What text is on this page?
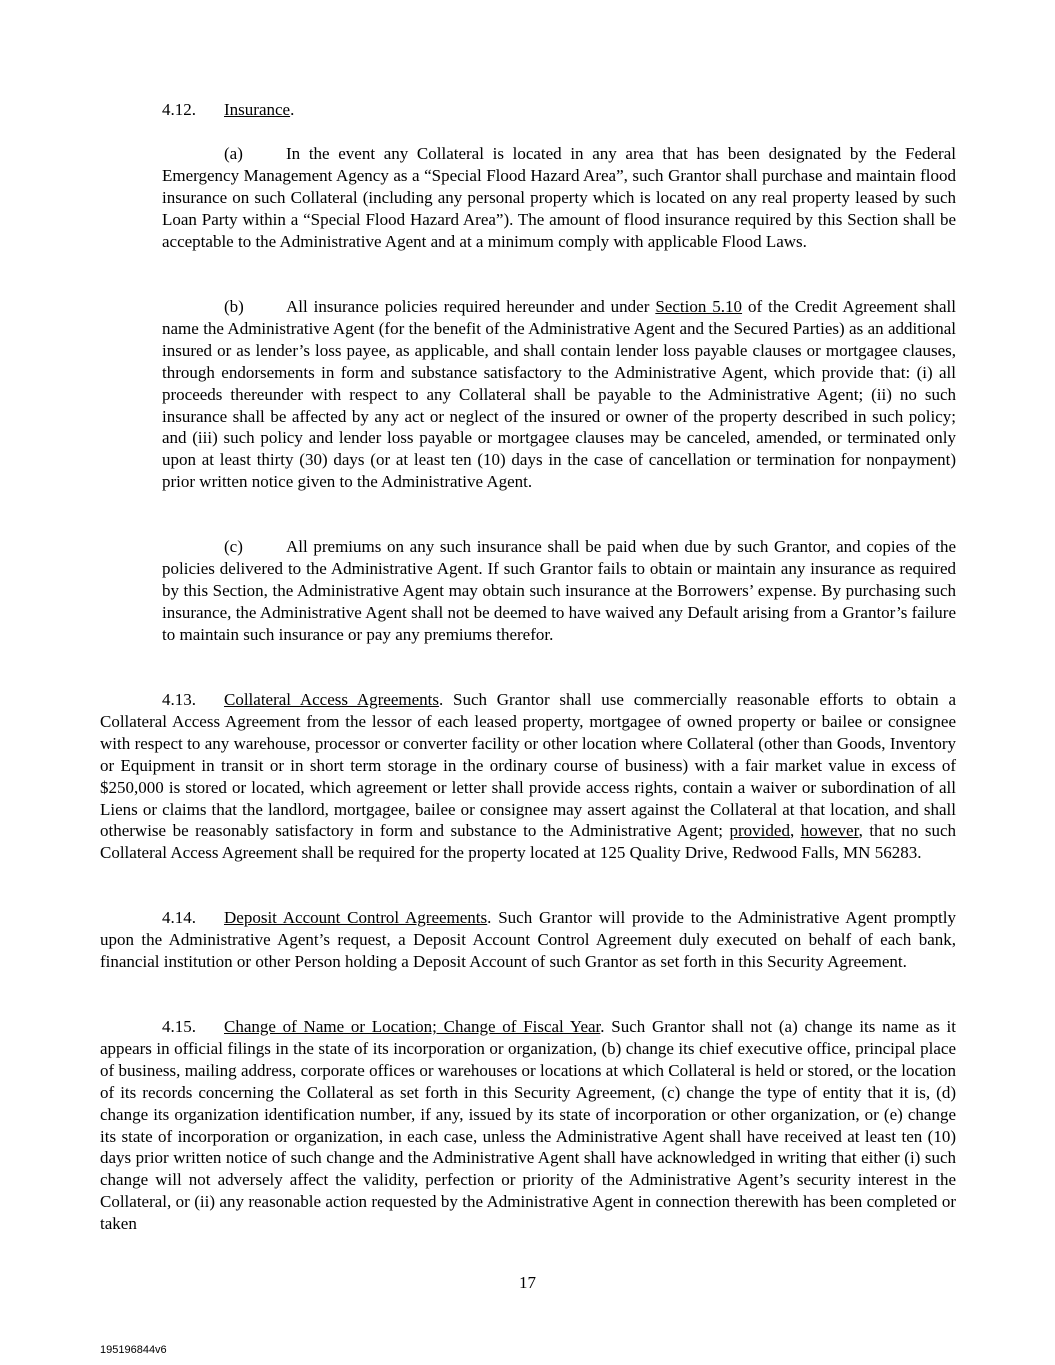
4.12. Insurance.

(a)	In the event any Collateral is located in any area that has been designated by the Federal Emergency Management Agency as a “Special Flood Hazard Area”, such Grantor shall purchase and maintain flood insurance on such Collateral (including any personal property which is located on any real property leased by such Loan Party within a “Special Flood Hazard Area”). The amount of flood insurance required by this Section shall be acceptable to the Administrative Agent and at a minimum comply with applicable Flood Laws.

(b) All insurance policies required hereunder and under Section 5.10 of the Credit Agreement shall name the Administrative Agent (for the benefit of the Administrative Agent and the Secured Parties) as an additional insured or as lender’s loss payee, as applicable, and shall contain lender loss payable clauses or mortgagee clauses, through endorsements in form and substance satisfactory to the Administrative Agent, which provide that: (i) all proceeds thereunder with respect to any Collateral shall be payable to the Administrative Agent; (ii) no such insurance shall be affected by any act or neglect of the insured or owner of the property described in such policy; and (iii) such policy and lender loss payable or mortgagee clauses may be canceled, amended, or terminated only upon at least thirty (30) days (or at least ten (10) days in the case of cancellation or termination for nonpayment) prior written notice given to the Administrative Agent.

(c)	All premiums on any such insurance shall be paid when due by such Grantor, and copies of the policies delivered to the Administrative Agent. If such Grantor fails to obtain or maintain any insurance as required by this Section, the Administrative Agent may obtain such insurance at the Borrowers’ expense. By purchasing such insurance, the Administrative Agent shall not be deemed to have waived any Default arising from a Grantor’s failure to maintain such insurance or pay any premiums therefor.

4.13. Collateral Access Agreements. Such Grantor shall use commercially reasonable efforts to obtain a Collateral Access Agreement from the lessor of each leased property, mortgagee of owned property or bailee or consignee with respect to any warehouse, processor or converter facility or other location where Collateral (other than Goods, Inventory or Equipment in transit or in short term storage in the ordinary course of business) with a fair market value in excess of $250,000 is stored or located, which agreement or letter shall provide access rights, contain a waiver or subordination of all Liens or claims that the landlord, mortgagee, bailee or consignee may assert against the Collateral at that location, and shall otherwise be reasonably satisfactory in form and substance to the Administrative Agent; provided, however, that no such Collateral Access Agreement shall be required for the property located at 125 Quality Drive, Redwood Falls, MN 56283.

4.14. Deposit Account Control Agreements. Such Grantor will provide to the Administrative Agent promptly upon the Administrative Agent’s request, a Deposit Account Control Agreement duly executed on behalf of each bank, financial institution or other Person holding a Deposit Account of such Grantor as set forth in this Security Agreement.

4.15. Change of Name or Location; Change of Fiscal Year. Such Grantor shall not (a) change its name as it appears in official filings in the state of its incorporation or organization, (b) change its chief executive office, principal place of business, mailing address, corporate offices or warehouses or locations at which Collateral is held or stored, or the location of its records concerning the Collateral as set forth in this Security Agreement, (c) change the type of entity that it is, (d) change its organization identification number, if any, issued by its state of incorporation or other organization, or (e) change its state of incorporation or organization, in each case, unless the Administrative Agent shall have received at least ten (10) days prior written notice of such change and the Administrative Agent shall have acknowledged in writing that either (i) such change will not adversely affect the validity, perfection or priority of the Administrative Agent’s security interest in the Collateral, or (ii) any reasonable action requested by the Administrative Agent in connection therewith has been completed or taken

17
195196844v6
